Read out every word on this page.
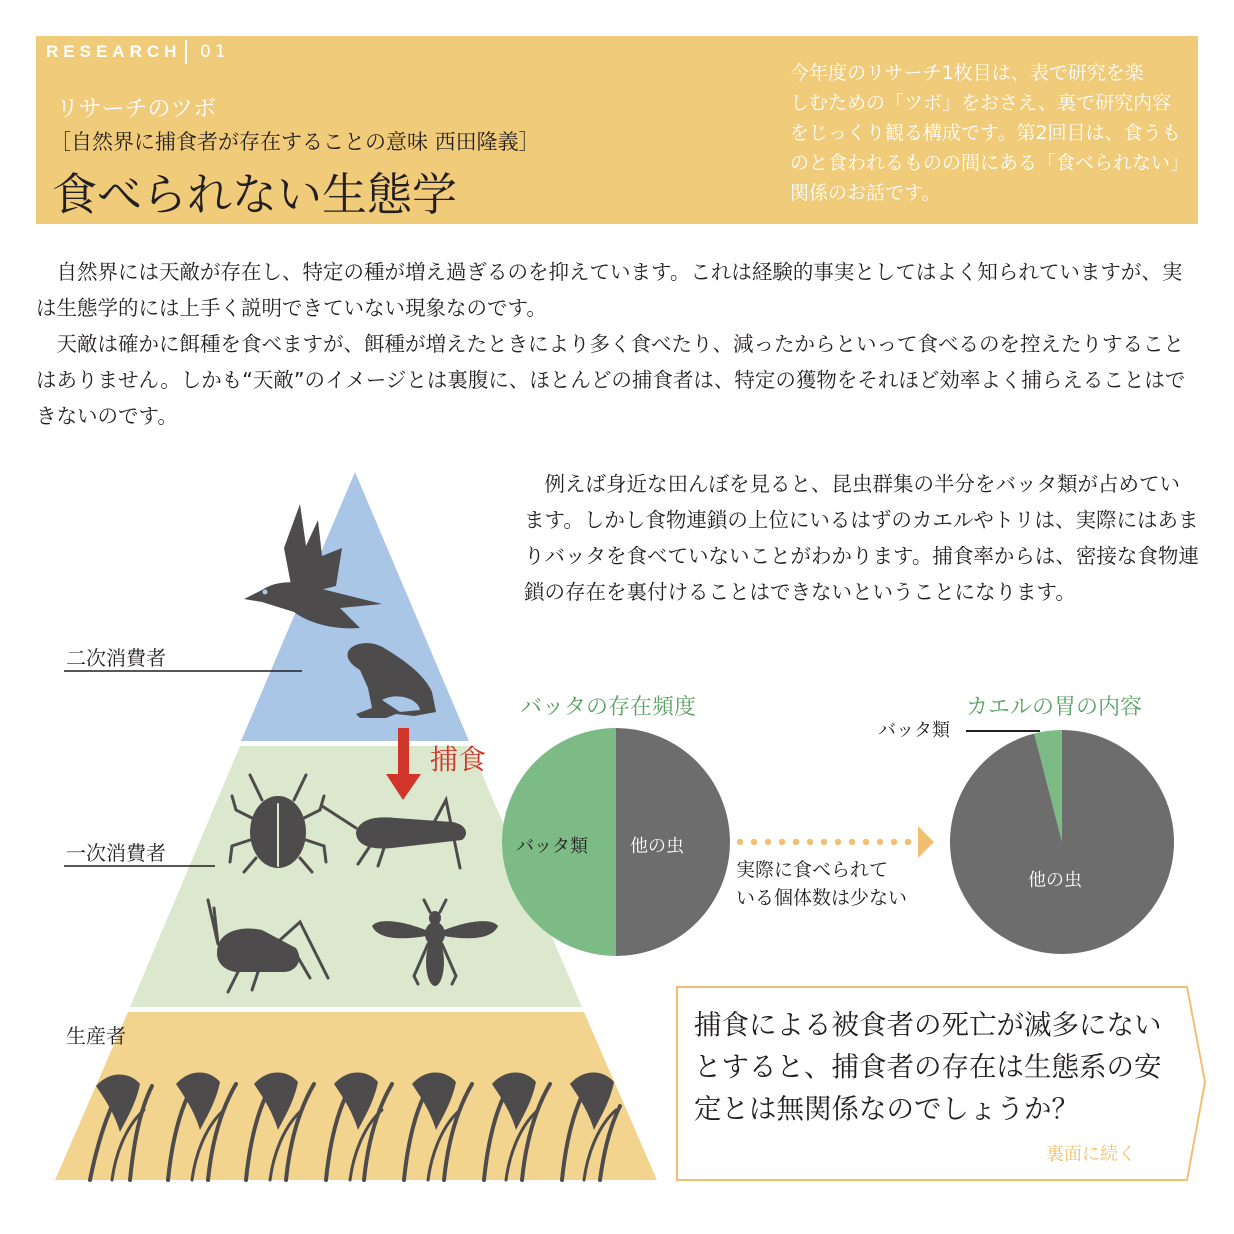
RESEARCH 01
リサーチのツボ
［自然界に捕食者が存在することの意味 西田隆義］
食べられない生態学
今年度のリサーチ1枚目は、表で研究を楽
しむための「ツボ」をおさえ、裏で研究内容
をじっくり観る構成です。第2回目は、食うも
のと食われるものの間にある「食べられない」
関係のお話です。
自然界には天敵が存在し、特定の種が増え過ぎるのを抑えています。これは経験的事実としてはよく知られていますが、実は生態学的には上手く説明できていない現象なのです。
天敵は確かに餌種を食べますが、餌種が増えたときにより多く食べたり、減ったからといって食べるのを控えたりすることはありません。しかも“天敵”のイメージとは裏腹に、ほとんどの捕食者は、特定の獲物をそれほど効率よく捕らえることはできないのです。
例えば身近な田んぼを見ると、昆虫群集の半分をバッタ類が占めています。しかし食物連鎖の上位にいるはずのカエルやトリは、実際にはあまりバッタを食べていないことがわかります。捕食率からは、密接な食物連鎖の存在を裏付けることはできないということになります。
二次消費者
一次消費者
生産者
捕食
バッタの存在頻度	カエルの胃の内容
バッタ類 他の虫
バッタ類
他の虫
実際に食べられて
いる個体数は少ない
捕食による被食者の死亡が滅多にないとすると、捕食者の存在は生態系の安定とは無関係なのでしょうか？
裏面に続く
